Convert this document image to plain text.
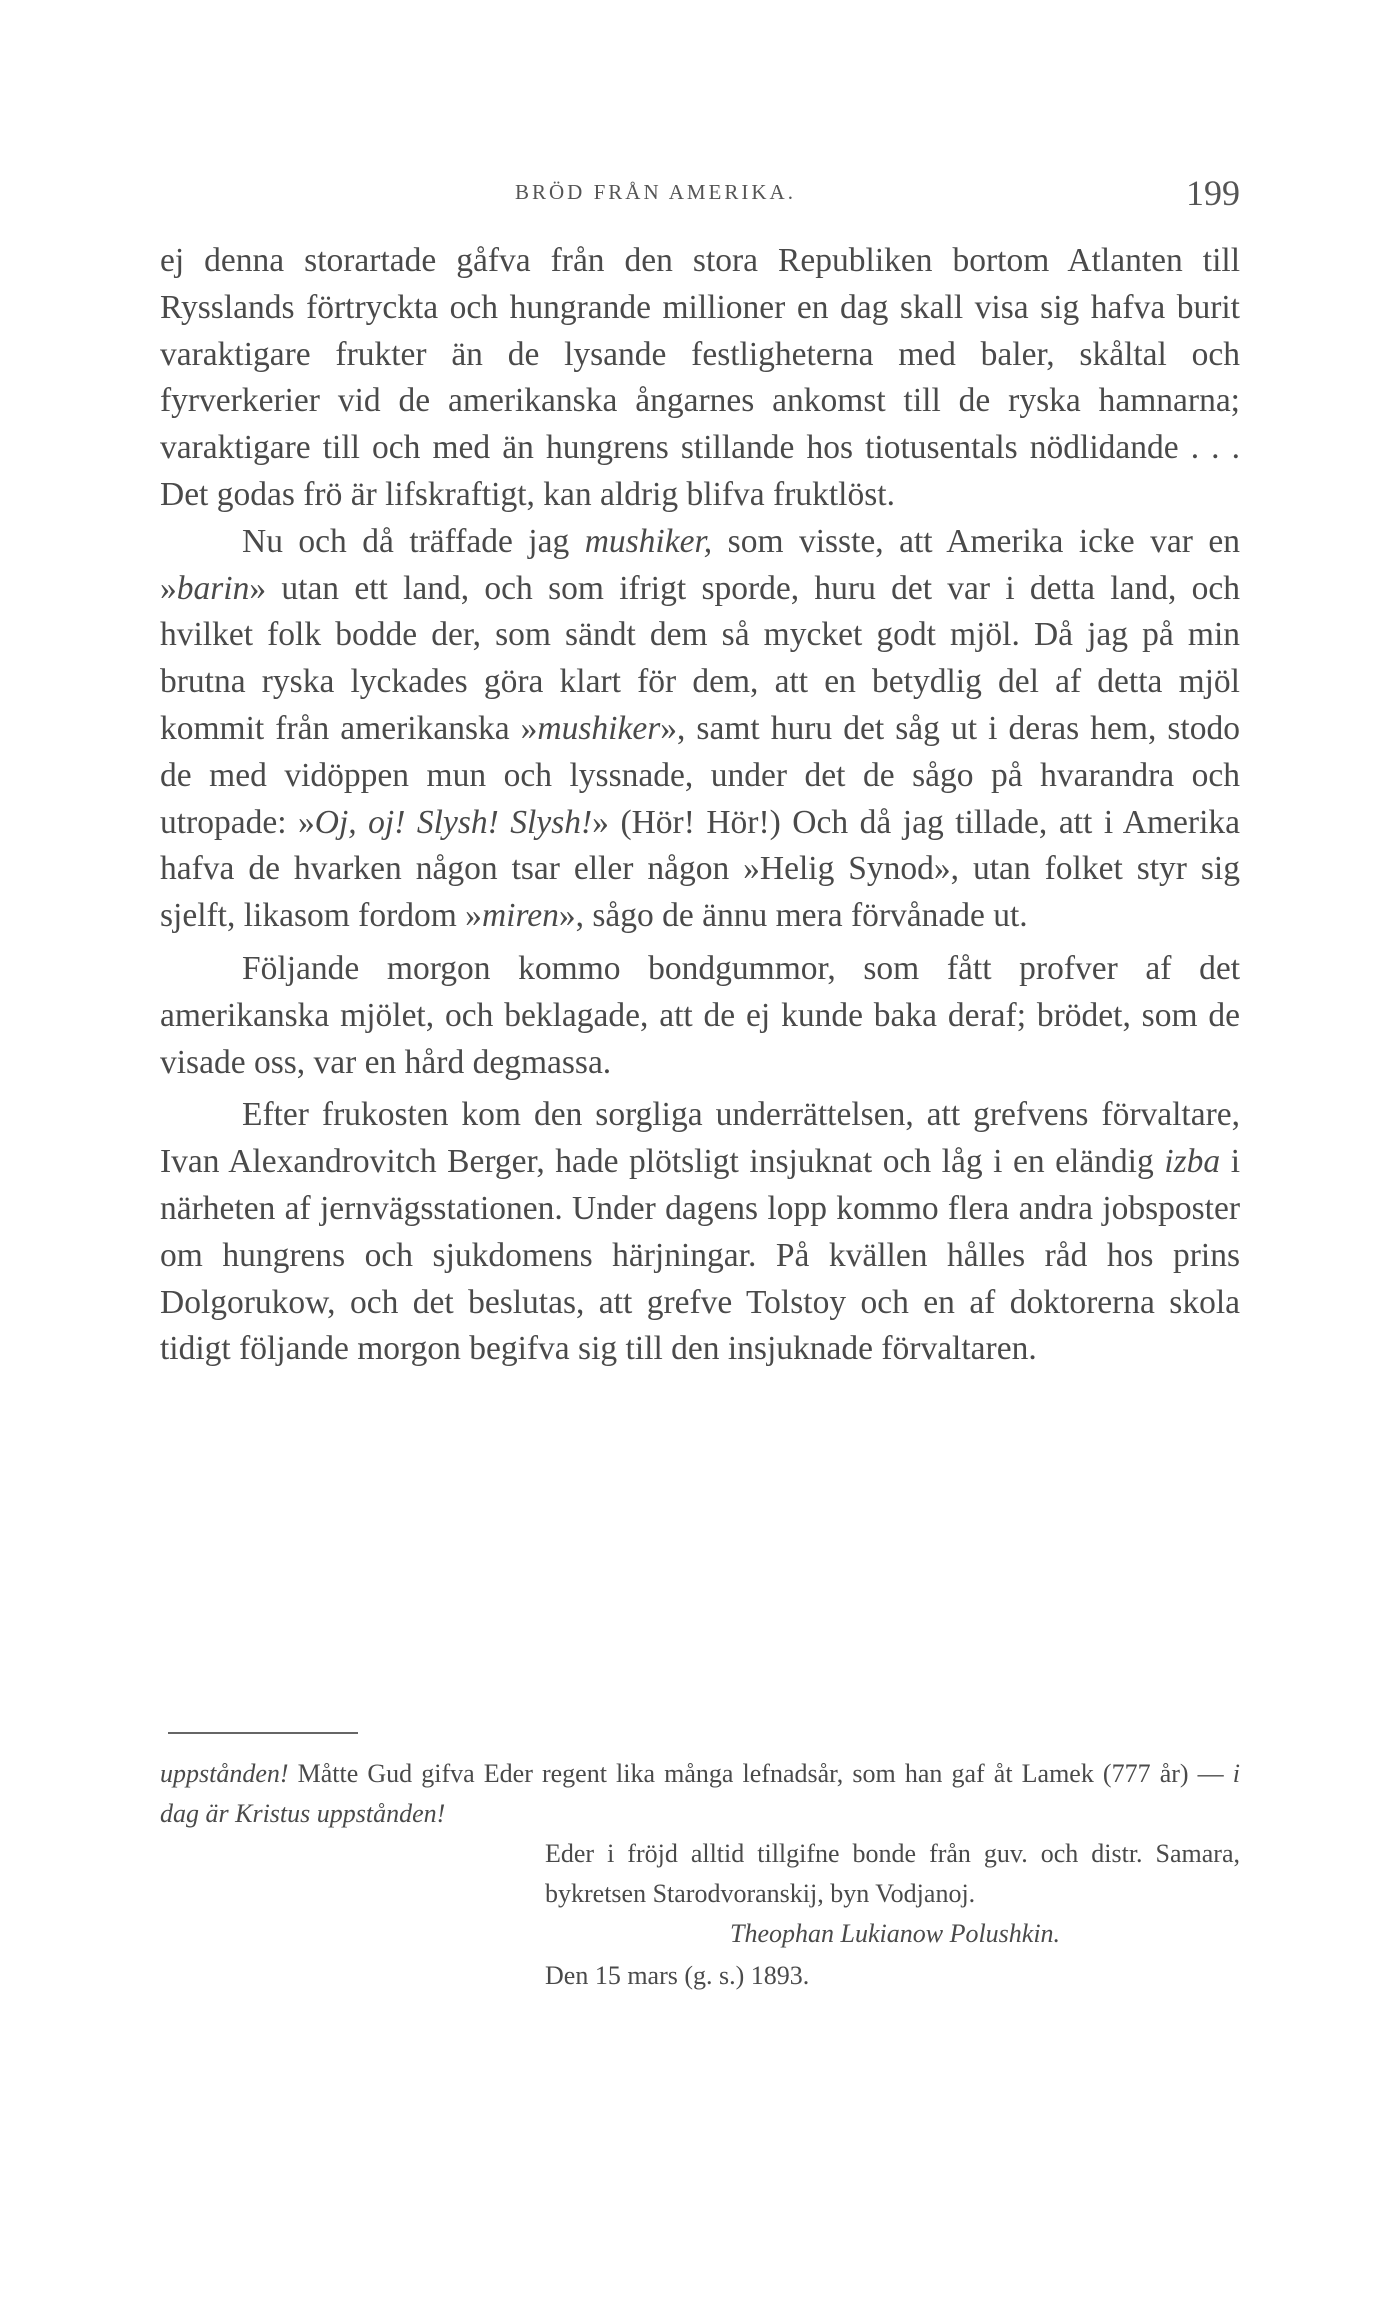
BRÖD FRÅN AMERIKA.	199

ej denna storartade gåfva från den stora Republiken bortom Atlanten till Rysslands förtryckta och hungrande millioner en dag skall visa sig hafva burit varaktigare frukter än de lysande festligheterna med baler, skåltal och fyrverkerier vid de amerikanska ångarnes ankomst till de ryska hamnarna; varaktigare till och med än hungrens stillande hos tiotusentals nödlidande . . . Det godas frö är lifskraftigt, kan aldrig blifva fruktlöst.

Nu och då träffade jag mushiker, som visste, att Amerika icke var en »barin» utan ett land, och som ifrigt sporde, huru det var i detta land, och hvilket folk bodde der, som sändt dem så mycket godt mjöl. Då jag på min brutna ryska lyckades göra klart för dem, att en betydlig del af detta mjöl kommit från amerikanska »mushiker», samt huru det såg ut i deras hem, stodo de med vidöppen mun och lyssnade, under det de sågo på hvarandra och utropade: »Oj, oj! Slysh! Slysh!» (Hör! Hör!) Och då jag tillade, att i Amerika hafva de hvarken någon tsar eller någon »Helig Synod», utan folket styr sig sjelft, likasom fordom »miren», sågo de ännu mera förvånade ut.

Följande morgon kommo bondgummor, som fått profver af det amerikanska mjölet, och beklagade, att de ej kunde baka deraf; brödet, som de visade oss, var en hård degmassa.

Efter frukosten kom den sorgliga underrättelsen, att grefvens förvaltare, Ivan Alexandrovitch Berger, hade plötsligt insjuknat och låg i en eländig izba i närheten af jernvägsstationen. Under dagens lopp kommo flera andra jobsposter om hungrens och sjukdomens härjningar. På kvällen hålles råd hos prins Dolgorukow, och det beslutas, att grefve Tolstoy och en af doktorerna skola tidigt följande morgon begifva sig till den insjuknade förvaltaren.

uppstånden! Måtte Gud gifva Eder regent lika många lefnadsår, som han gaf åt Lamek (777 år) — i dag är Kristus uppstånden!

Eder i fröjd alltid tillgifne bonde från guv. och distr. Samara, bykretsen Starodvoranskij, byn Vodjanoj.

Theophan Lukianow Polushkin.

Den 15 mars (g. s.) 1893.
